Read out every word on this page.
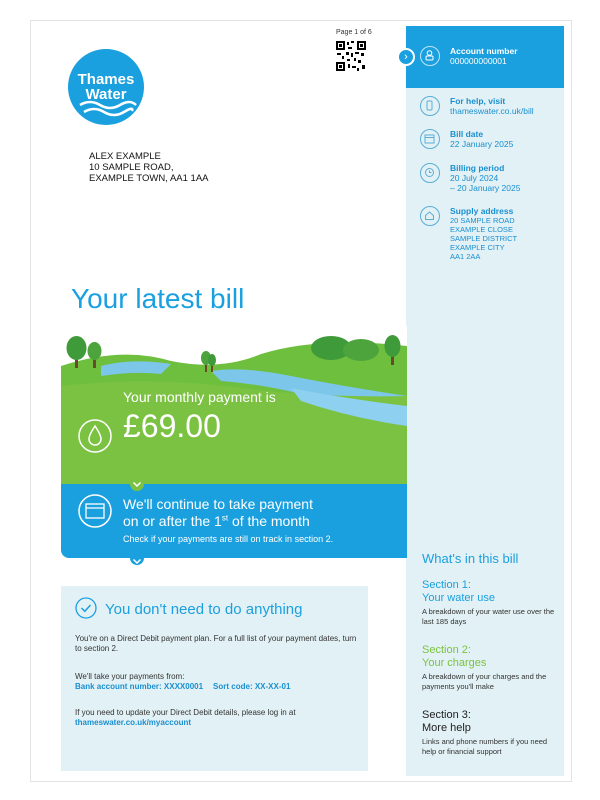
Thames
Water
Page 1 of 6
ALEX EXAMPLE
10 SAMPLE ROAD,
EXAMPLE TOWN, AA1 1AA
›	Account number
000000000001
For help, visit
thameswater.co.uk/bill
Bill date
22 January 2025
Billing period
20 July 2024
– 20 January 2025
Supply address
20 SAMPLE ROAD
EXAMPLE CLOSE
SAMPLE DISTRICT
EXAMPLE CITY
AA1 2AA
What's in this bill
Section 1:
Your water use
A breakdown of your water use over the last 185 days
Section 2:
Your charges
A breakdown of your charges and the payments you'll make
Section 3:
More help
Links and phone numbers if you need help or financial support
Your latest bill
Your monthly payment is
£69.00
We'll continue to take payment
on or after the 1st of the month
Check if your payments are still on track in section 2.
You don't need to do anything
You're on a Direct Debit payment plan. For a full list of your payment dates, turn to section 2.
We'll take your payments from:
Bank account number: XXXX0001 Sort code: XX-XX-01
If you need to update your Direct Debit details, please log in at
thameswater.co.uk/myaccount
